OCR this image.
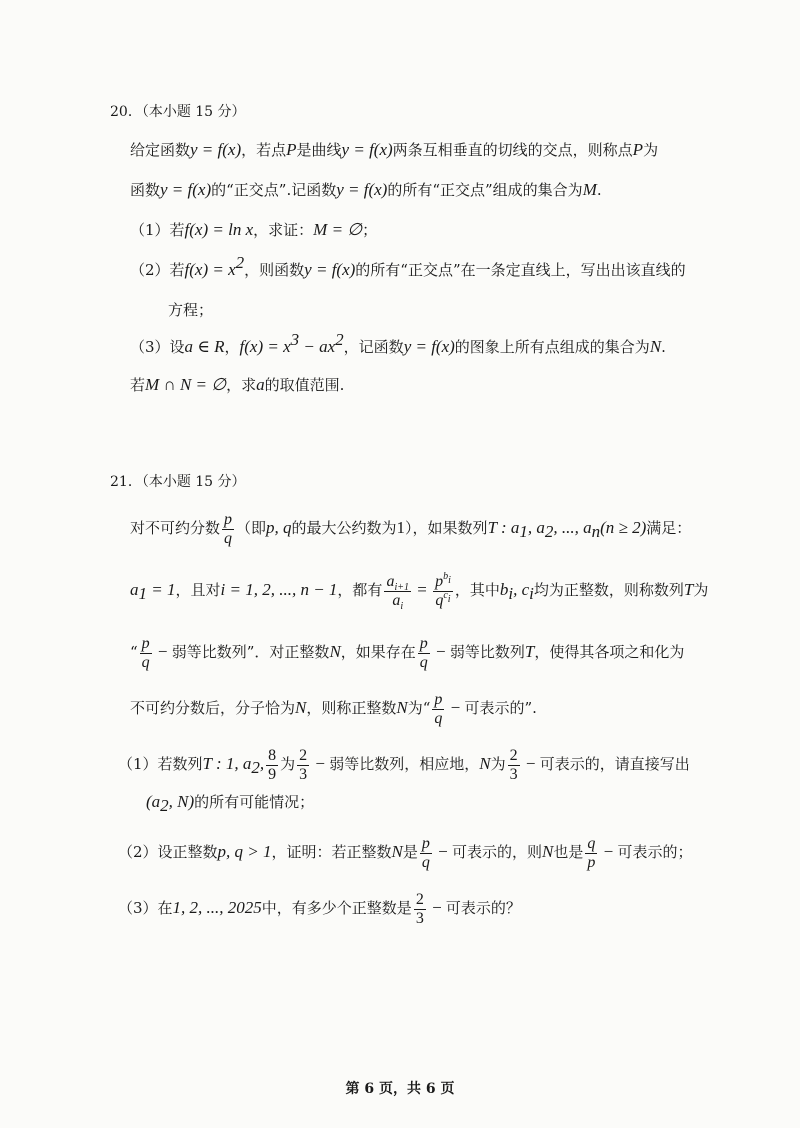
20．（本小题 15 分）
给定函数y = f(x)，若点P是曲线y = f(x)两条互相垂直的切线的交点，则称点P为
函数y = f(x)的“正交点”.记函数y = f(x)的所有“正交点”组成的集合为M.
（1）若f(x) = ln x，求证：M = ∅；
（2）若$f(x) = x^2$，则函数y = f(x)的所有“正交点”在一条定直线上，写出出该直线的
方程；
（3）设a ∈ R，$f(x) = x^3 - ax^2$，记函数y = f(x)的图象上所有点组成的集合为N.
若M ∩ N = ∅，求a的取值范围.
21．（本小题 15 分）
对不可约分数 $\frac{p}{q}$ （即p, q的最大公约数为1），如果数列T : $a_1$, $a_2$, ..., $a_n(n \ge 2)$满足：
$a_1 = 1$，且对i = 1, 2, ..., n − 1，都有 $\frac{a_{i+1}}{a_i} = \frac{p^{b_i}}{q^{c_i}}$ ，其中$b_i$, $c_i$均为正整数，则称数列T为
“ $\frac{p}{q}$ − 弱等比数列”．对正整数N，如果存在 $\frac{p}{q}$ − 弱等比数列T，使得其各项之和化为
不可约分数后，分子恰为N，则称正整数N为“ $\frac{p}{q}$ − 可表示的”.
（1）若数列T : 1, $a_2$, $\frac{8}{9}$ 为 $\frac{2}{3}$ − 弱等比数列，相应地，N为 $\frac{2}{3}$ − 可表示的，请直接写出
($a_2$, N)的所有可能情况；
（2）设正整数p, q > 1，证明：若正整数N是 $\frac{p}{q}$ − 可表示的，则N也是 $\frac{q}{p}$ − 可表示的；
（3）在1, 2, ..., 2025中，有多少个正整数是 $\frac{2}{3}$ − 可表示的？
第 6 页，共 6 页
